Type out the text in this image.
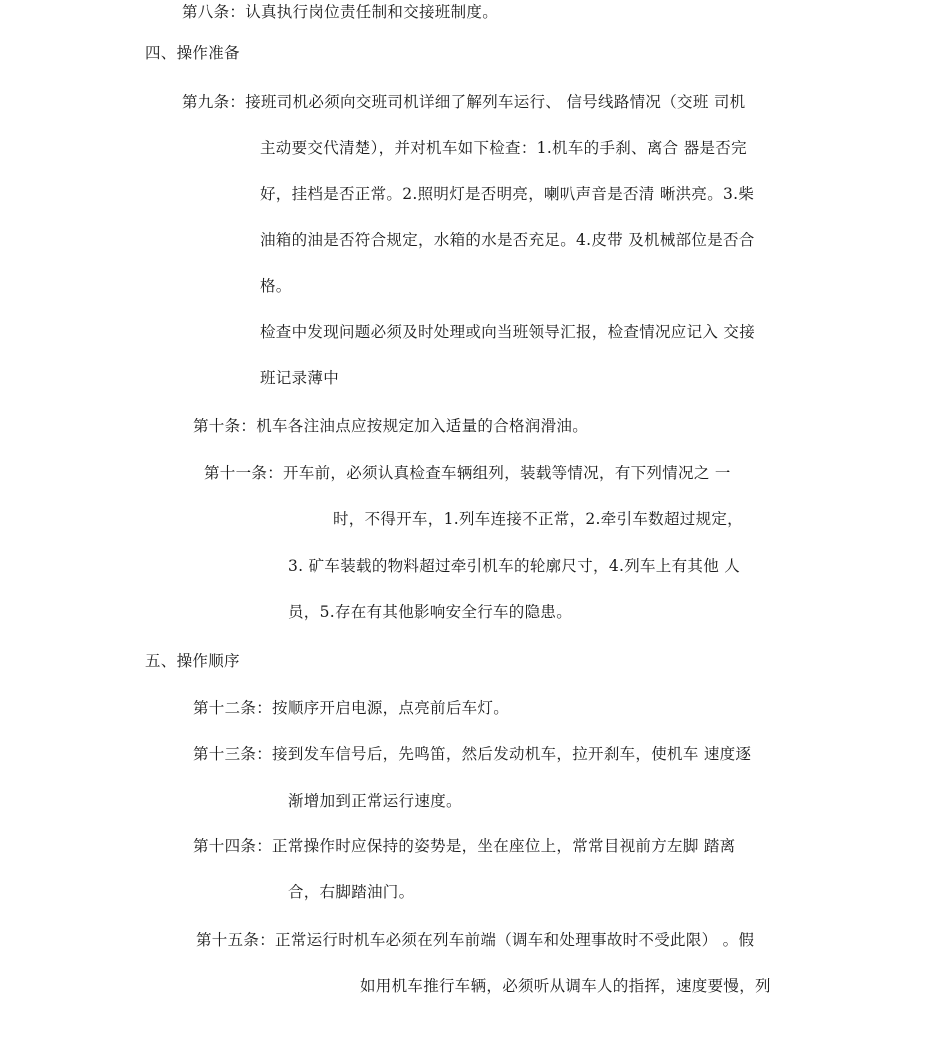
第八条：认真执行岗位责任制和交接班制度。
四、操作准备
第九条：接班司机必须向交班司机详细了解列车运行、 信号线路情况（交班 司机
主动要交代清楚），并对机车如下检查：1.机车的手刹、离合 器是否完
好，挂档是否正常。2.照明灯是否明亮，喇叭声音是否清 晰洪亮。3.柴
油箱的油是否符合规定，水箱的水是否充足。4.皮带 及机械部位是否合
格。
检查中发现问题必须及时处理或向当班领导汇报，检查情况应记入 交接
班记录薄中
第十条：机车各注油点应按规定加入适量的合格润滑油。
第十一条：开车前，必须认真检查车辆组列，装载等情况，有下列情况之 一
时，不得开车，1.列车连接不正常，2.牵引车数超过规定，
3. 矿车装载的物料超过牵引机车的轮廓尺寸，4.列车上有其他 人
员，5.存在有其他影响安全行车的隐患。
五、操作顺序
第十二条：按顺序开启电源，点亮前后车灯。
第十三条：接到发车信号后，先鸣笛，然后发动机车，拉开刹车，使机车 速度逐
渐增加到正常运行速度。
第十四条：正常操作时应保持的姿势是，坐在座位上，常常目视前方左脚 踏离
合，右脚踏油门。
第十五条：正常运行时机车必须在列车前端（调车和处理事故时不受此限） 。假
如用机车推行车辆，必须听从调车人的指挥，速度要慢，列
